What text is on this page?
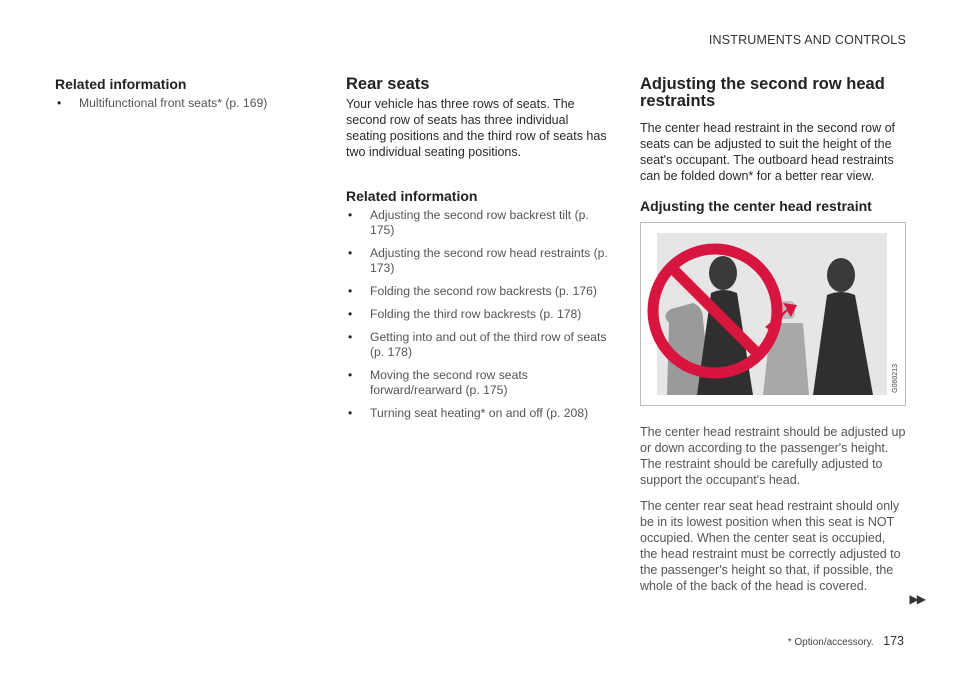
INSTRUMENTS AND CONTROLS
Related information
• Multifunctional front seats* (p. 169)
Rear seats

Your vehicle has three rows of seats. The second row of seats has three individual seating positions and the third row of seats has two individual seating positions.

Related information
• Adjusting the second row backrest tilt (p. 175)
• Adjusting the second row head restraints (p. 173)
• Folding the second row backrests (p. 176)
• Folding the third row backrests (p. 178)
• Getting into and out of the third row of seats (p. 178)
• Moving the second row seats forward/rearward (p. 175)
• Turning seat heating* on and off (p. 208)
Adjusting the second row head restraints

The center head restraint in the second row of seats can be adjusted to suit the height of the seat's occupant. The outboard head restraints can be folded down* for a better rear view.

Adjusting the center head restraint
G060213

The center head restraint should be adjusted up or down according to the passenger's height. The restraint should be carefully adjusted to support the occupant's head.

The center rear seat head restraint should only be in its lowest position when this seat is NOT occupied. When the center seat is occupied, the head restraint must be correctly adjusted to the passenger's height so that, if possible, the whole of the back of the head is covered.

▶▶
* Option/accessory. 173
